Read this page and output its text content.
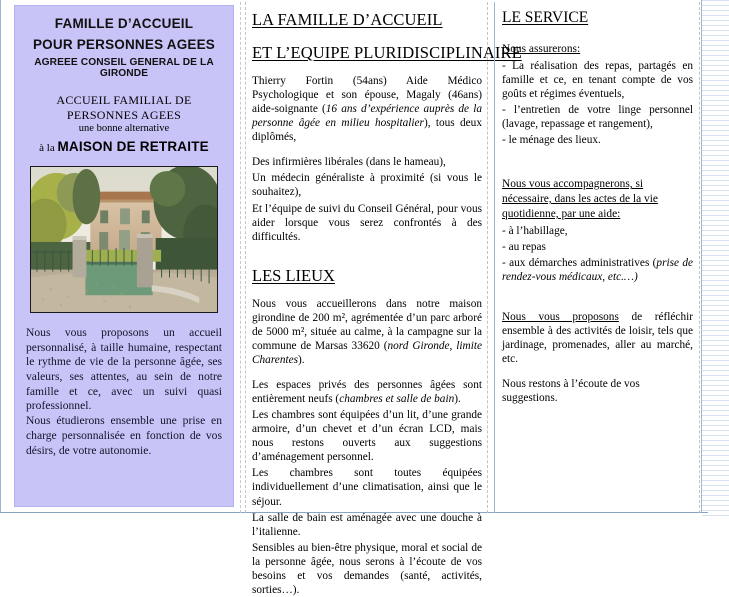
FAMILLE D’ACCUEIL
POUR PERSONNES AGEES
AGREEE CONSEIL GENERAL DE LA GIRONDE
ACCUEIL FAMILIAL DE PERSONNES AGEES
une bonne alternative
à la MAISON DE RETRAITE

Nous vous proposons un accueil personnalisé, à taille humaine, respectant le rythme de vie de la personne âgée, ses valeurs, ses attentes, au sein de notre famille et ce, avec un suivi quasi professionnel.

Nous étudierons ensemble une prise en charge personnalisée en fonction de vos désirs, de votre autonomie.

LA FAMILLE D’ACCUEIL
ET L’EQUIPE PLURIDISCIPLINAIRE

Thierry Fortin (54ans) Aide Médico Psychologique et son épouse, Magaly (46ans) aide-soignante (16 ans d’expérience auprès de la personne âgée en milieu hospitalier), tous deux diplômés,

Des infirmières libérales (dans le hameau),

Un médecin généraliste à proximité (si vous le souhaitez),

Et l’équipe de suivi du Conseil Général, pour vous aider lorsque vous serez confrontés à des difficultés.

LES LIEUX

Nous vous accueillerons dans notre maison girondine de 200 m², agrémentée d’un parc arboré de 5000 m², située au calme, à la campagne sur la commune de Marsas 33620 (nord Gironde, limite Charentes).

Les espaces privés des personnes âgées sont entièrement neufs (chambres et salle de bain).

Les chambres sont équipées d’un lit, d’une grande armoire, d’un chevet et d’un écran LCD, mais nous restons ouverts aux suggestions d’aménagement personnel.

Les chambres sont toutes équipées individuellement d’une climatisation, ainsi que le séjour.

La salle de bain est aménagée avec une douche à l’italienne.

Sensibles au bien-être physique, moral et social de la personne âgée, nous serons à l’écoute de vos besoins et vos demandes (santé, activités, sorties…).

LE SERVICE
Nous assurerons:

- La réalisation des repas, partagés en famille et ce, en tenant compte de vos goûts et régimes éventuels,

- l’entretien de votre linge personnel (lavage, repassage et rangement),

- le ménage des lieux.

Nous vous accompagnerons, si nécessaire, dans les actes de la vie quotidienne, par une aide:

- à l’habillage,

- au repas

- aux démarches administratives (prise de rendez-vous médicaux, etc.…)

Nous vous proposons de réfléchir ensemble à des activités de loisir, tels que jardinage, promenades, aller au marché, etc.

Nous restons à l’écoute de vos suggestions.
